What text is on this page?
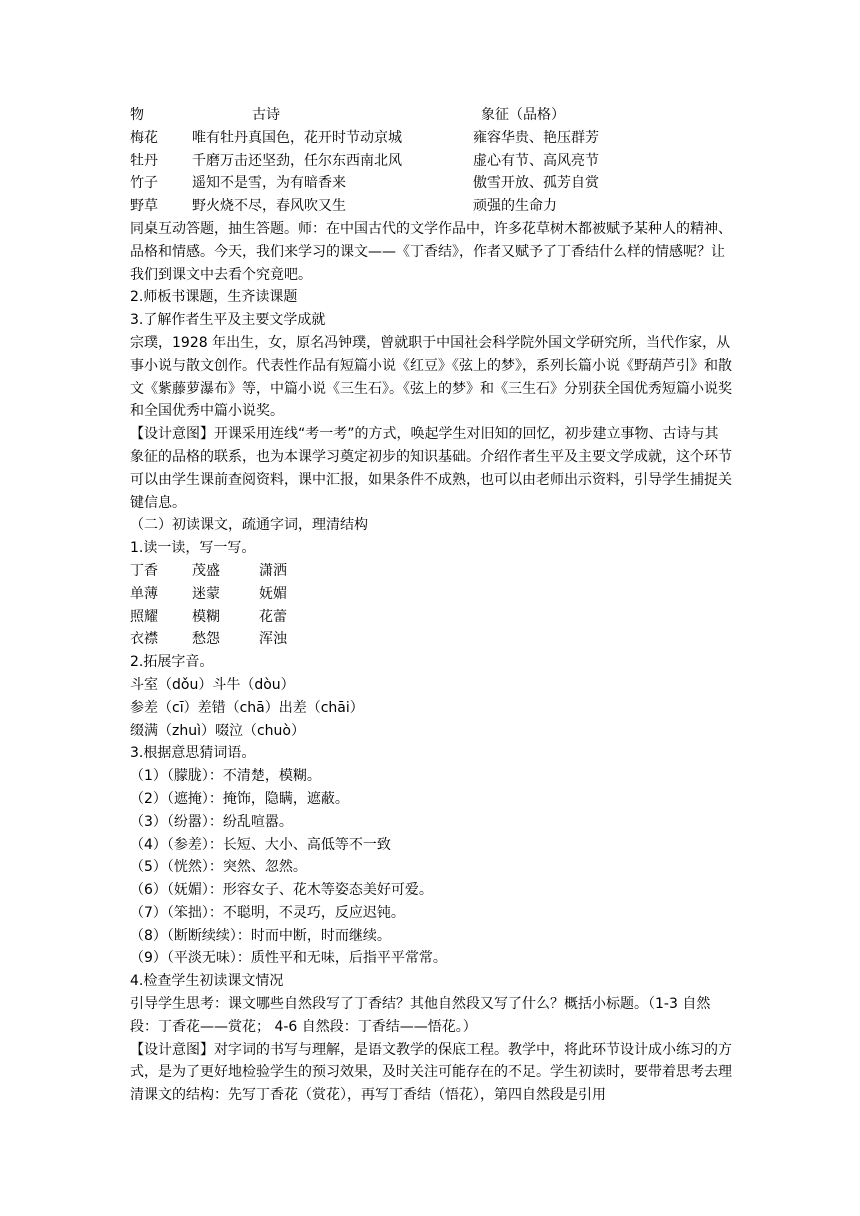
物	古诗	象征（品格）
梅花 唯有牡丹真国色，花开时节动京城	雍容华贵、艳压群芳
牡丹 千磨万击还坚劲，任尔东西南北风	虚心有节、高风亮节
竹子 遥知不是雪，为有暗香来	傲雪开放、孤芳自赏
野草 野火烧不尽，春风吹又生	顽强的生命力
同桌互动答题，抽生答题。师：在中国古代的文学作品中，许多花草树木都被赋予某种人的精神、品格和情感。今天，我们来学习的课文——《丁香结》，作者又赋予了丁香结什么样的情感呢？让我们到课文中去看个究竟吧。
2.师板书课题，生齐读课题
3.了解作者生平及主要文学成就
宗璞，1928 年出生，女，原名冯钟璞，曾就职于中国社会科学院外国文学研究所，当代作家，从事小说与散文创作。代表性作品有短篇小说《红豆》《弦上的梦》，系列长篇小说《野葫芦引》和散文《紫藤萝瀑布》等，中篇小说《三生石》。《弦上的梦》和《三生石》分别获全国优秀短篇小说奖和全国优秀中篇小说奖。
【设计意图】开课采用连线“考一考”的方式，唤起学生对旧知的回忆，初步建立事物、古诗与其象征的品格的联系，也为本课学习奠定初步的知识基础。介绍作者生平及主要文学成就，这个环节可以由学生课前查阅资料，课中汇报，如果条件不成熟，也可以由老师出示资料，引导学生捕捉关键信息。
（二）初读课文，疏通字词，理清结构
1.读一读，写一写。
丁香 茂盛	潇洒
单薄 迷蒙	妩媚
照耀 模糊	花蕾
衣襟 愁怨	浑浊
2.拓展字音。
斗室（dǒu）斗牛（dòu）
参差（cī）差错（chā）出差（chāi）
缀满（zhuì）啜泣（chuò）
3.根据意思猜词语。
（1）（朦胧）：不清楚，模糊。
（2）（遮掩）：掩饰，隐瞒，遮蔽。
（3）（纷嚣）：纷乱喧嚣。
（4）（参差）：长短、大小、高低等不一致
（5）（恍然）：突然、忽然。
（6）（妩媚）：形容女子、花木等姿态美好可爱。
（7）（笨拙）：不聪明，不灵巧，反应迟钝。
（8）（断断续续）：时而中断，时而继续。
（9）（平淡无味）：质性平和无味，后指平平常常。
4.检查学生初读课文情况
引导学生思考：课文哪些自然段写了丁香结？其他自然段又写了什么？概括小标题。（1-3 自然段：丁香花——赏花； 4-6 自然段：丁香结——悟花。）
【设计意图】对字词的书写与理解，是语文教学的保底工程。教学中，将此环节设计成小练习的方式，是为了更好地检验学生的预习效果，及时关注可能存在的不足。学生初读时，要带着思考去理清课文的结构：先写丁香花（赏花），再写丁香结（悟花），第四自然段是引用
